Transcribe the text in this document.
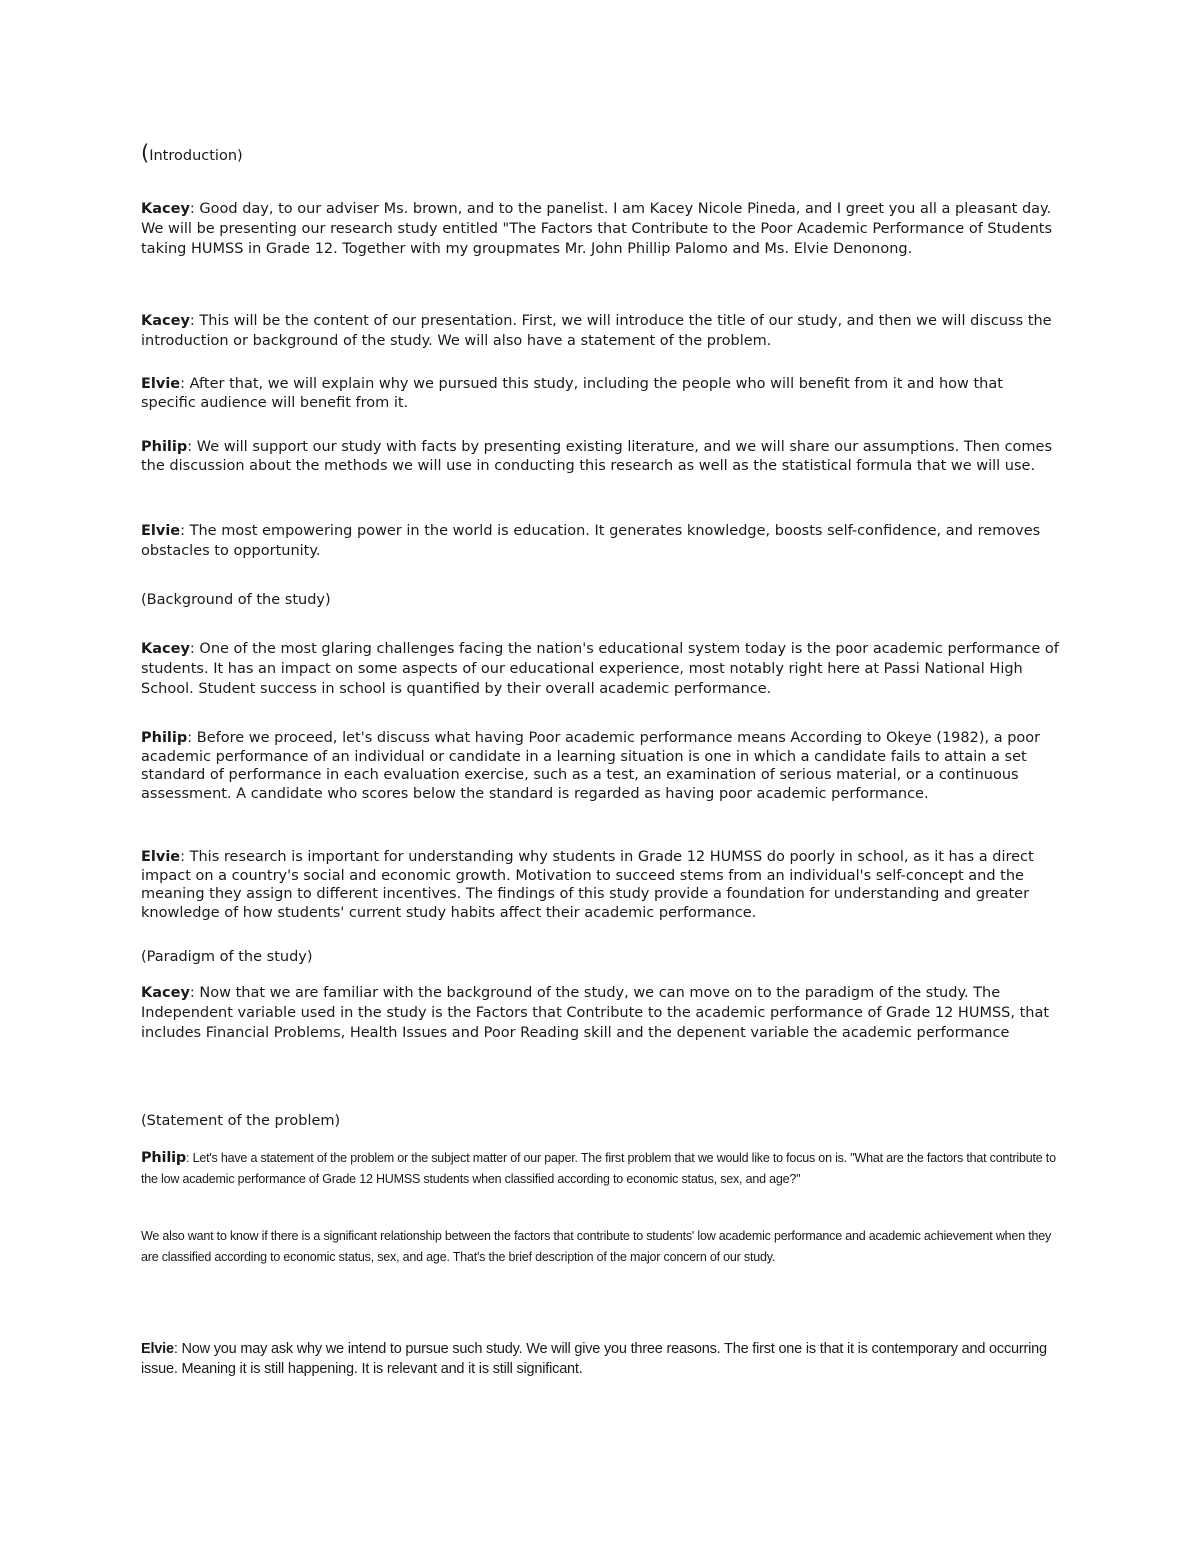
(Introduction)

Kacey: Good day, to our adviser Ms. brown, and to the panelist. I am Kacey Nicole Pineda, and I greet you all a pleasant day. We will be presenting our research study entitled "The Factors that Contribute to the Poor Academic Performance of Students taking HUMSS in Grade 12. Together with my groupmates Mr. John Phillip Palomo and Ms. Elvie Denonong.

Kacey: This will be the content of our presentation. First, we will introduce the title of our study, and then we will discuss the introduction or background of the study. We will also have a statement of the problem.

Elvie: After that, we will explain why we pursued this study, including the people who will benefit from it and how that specific audience will benefit from it.

Philip: We will support our study with facts by presenting existing literature, and we will share our assumptions. Then comes the discussion about the methods we will use in conducting this research as well as the statistical formula that we will use.

Elvie: The most empowering power in the world is education. It generates knowledge, boosts self-confidence, and removes obstacles to opportunity.

(Background of the study)

Kacey: One of the most glaring challenges facing the nation's educational system today is the poor academic performance of students. It has an impact on some aspects of our educational experience, most notably right here at Passi National High School. Student success in school is quantified by their overall academic performance.

Philip: Before we proceed, let's discuss what having Poor academic performance means According to Okeye (1982), a poor academic performance of an individual or candidate in a learning situation is one in which a candidate fails to attain a set standard of performance in each evaluation exercise, such as a test, an examination of serious material, or a continuous assessment. A candidate who scores below the standard is regarded as having poor academic performance.

Elvie: This research is important for understanding why students in Grade 12 HUMSS do poorly in school, as it has a direct impact on a country's social and economic growth. Motivation to succeed stems from an individual's self-concept and the meaning they assign to different incentives. The findings of this study provide a foundation for understanding and greater knowledge of how students' current study habits affect their academic performance.

(Paradigm of the study)

Kacey: Now that we are familiar with the background of the study, we can move on to the paradigm of the study. The Independent variable used in the study is the Factors that Contribute to the academic performance of Grade 12 HUMSS, that includes Financial Problems, Health Issues and Poor Reading skill and the depenent variable the academic performance

(Statement of the problem)

Philip: Let's have a statement of the problem or the subject matter of our paper. The first problem that we would like to focus on is. "What are the factors that contribute to the low academic performance of Grade 12 HUMSS students when classified according to economic status, sex, and age?"

We also want to know if there is a significant relationship between the factors that contribute to students' low academic performance and academic achievement when they are classified according to economic status, sex, and age. That's the brief description of the major concern of our study.

Elvie: Now you may ask why we intend to pursue such study. We will give you three reasons. The first one is that it is contemporary and occurring issue. Meaning it is still happening. It is relevant and it is still significant.
